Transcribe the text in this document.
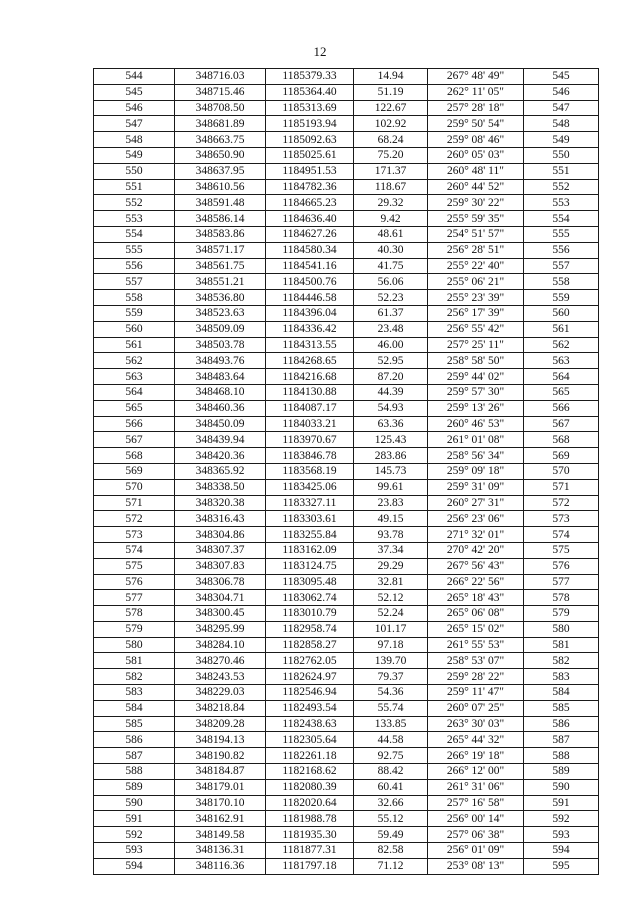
12
544	348716.03	1185379.33	14.94	267° 48' 49"	545
545	348715.46	1185364.40	51.19	262° 11' 05"	546
546	348708.50	1185313.69	122.67	257° 28' 18"	547
547	348681.89	1185193.94	102.92	259° 50' 54"	548
548	348663.75	1185092.63	68.24	259° 08' 46"	549
549	348650.90	1185025.61	75.20	260° 05' 03"	550
550	348637.95	1184951.53	171.37	260° 48' 11"	551
551	348610.56	1184782.36	118.67	260° 44' 52"	552
552	348591.48	1184665.23	29.32	259° 30' 22"	553
553	348586.14	1184636.40	9.42	255° 59' 35"	554
554	348583.86	1184627.26	48.61	254° 51' 57"	555
555	348571.17	1184580.34	40.30	256° 28' 51"	556
556	348561.75	1184541.16	41.75	255° 22' 40"	557
557	348551.21	1184500.76	56.06	255° 06' 21"	558
558	348536.80	1184446.58	52.23	255° 23' 39"	559
559	348523.63	1184396.04	61.37	256° 17' 39"	560
560	348509.09	1184336.42	23.48	256° 55' 42"	561
561	348503.78	1184313.55	46.00	257° 25' 11"	562
562	348493.76	1184268.65	52.95	258° 58' 50"	563
563	348483.64	1184216.68	87.20	259° 44' 02"	564
564	348468.10	1184130.88	44.39	259° 57' 30"	565
565	348460.36	1184087.17	54.93	259° 13' 26"	566
566	348450.09	1184033.21	63.36	260° 46' 53"	567
567	348439.94	1183970.67	125.43	261° 01' 08"	568
568	348420.36	1183846.78	283.86	258° 56' 34"	569
569	348365.92	1183568.19	145.73	259° 09' 18"	570
570	348338.50	1183425.06	99.61	259° 31' 09"	571
571	348320.38	1183327.11	23.83	260° 27' 31"	572
572	348316.43	1183303.61	49.15	256° 23' 06"	573
573	348304.86	1183255.84	93.78	271° 32' 01"	574
574	348307.37	1183162.09	37.34	270° 42' 20"	575
575	348307.83	1183124.75	29.29	267° 56' 43"	576
576	348306.78	1183095.48	32.81	266° 22' 56"	577
577	348304.71	1183062.74	52.12	265° 18' 43"	578
578	348300.45	1183010.79	52.24	265° 06' 08"	579
579	348295.99	1182958.74	101.17	265° 15' 02"	580
580	348284.10	1182858.27	97.18	261° 55' 53"	581
581	348270.46	1182762.05	139.70	258° 53' 07"	582
582	348243.53	1182624.97	79.37	259° 28' 22"	583
583	348229.03	1182546.94	54.36	259° 11' 47"	584
584	348218.84	1182493.54	55.74	260° 07' 25"	585
585	348209.28	1182438.63	133.85	263° 30' 03"	586
586	348194.13	1182305.64	44.58	265° 44' 32"	587
587	348190.82	1182261.18	92.75	266° 19' 18"	588
588	348184.87	1182168.62	88.42	266° 12' 00"	589
589	348179.01	1182080.39	60.41	261° 31' 06"	590
590	348170.10	1182020.64	32.66	257° 16' 58"	591
591	348162.91	1181988.78	55.12	256° 00' 14"	592
592	348149.58	1181935.30	59.49	257° 06' 38"	593
593	348136.31	1181877.31	82.58	256° 01' 09"	594
594	348116.36	1181797.18	71.12	253° 08' 13"	595
